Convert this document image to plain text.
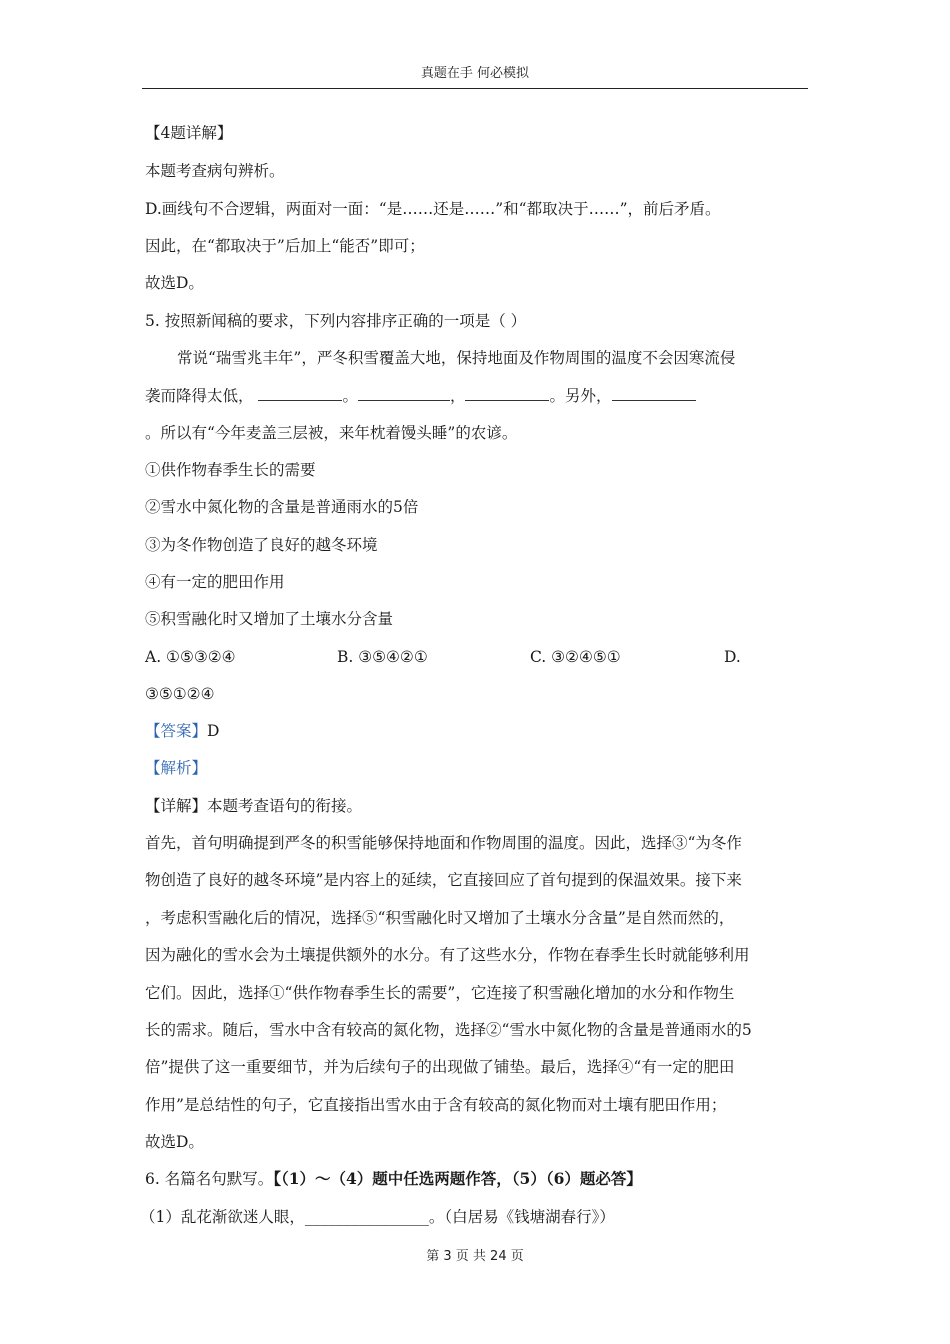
真题在手 何必模拟
【4题详解】
本题考查病句辨析。
D.画线句不合逻辑，两面对一面：“是……还是……”和“都取决于……”，前后矛盾。
因此，在“都取决于”后加上“能否”即可；
故选D。
5. 按照新闻稿的要求，下列内容排序正确的一项是（ ）
常说“瑞雪兆丰年”，严冬积雪覆盖大地，保持地面及作物周围的温度不会因寒流侵
袭而降得太低，	。	，	。另外，
。所以有“今年麦盖三层被，来年枕着馒头睡”的农谚。
①供作物春季生长的需要
②雪水中氮化物的含量是普通雨水的5倍
③为冬作物创造了良好的越冬环境
④有一定的肥田作用
⑤积雪融化时又增加了土壤水分含量
A. ①⑤③②④	B. ③⑤④②①	C. ③②④⑤①	D.
③⑤①②④
【答案】D
【解析】
【详解】本题考查语句的衔接。
首先，首句明确提到严冬的积雪能够保持地面和作物周围的温度。因此，选择③“为冬作
物创造了良好的越冬环境”是内容上的延续，它直接回应了首句提到的保温效果。接下来
，考虑积雪融化后的情况，选择⑤“积雪融化时又增加了土壤水分含量”是自然而然的，
因为融化的雪水会为土壤提供额外的水分。有了这些水分，作物在春季生长时就能够利用
它们。因此，选择①“供作物春季生长的需要”，它连接了积雪融化增加的水分和作物生
长的需求。随后，雪水中含有较高的氮化物，选择②“雪水中氮化物的含量是普通雨水的5
倍”提供了这一重要细节，并为后续句子的出现做了铺垫。最后，选择④“有一定的肥田
作用”是总结性的句子，它直接指出雪水由于含有较高的氮化物而对土壤有肥田作用；
故选D。
6. 名篇名句默写。【（1）～（4）题中任选两题作答，（5）（6）题必答】
（1）乱花渐欲迷人眼，________________。（白居易《钱塘湖春行》）
第 3 页 共 24 页
